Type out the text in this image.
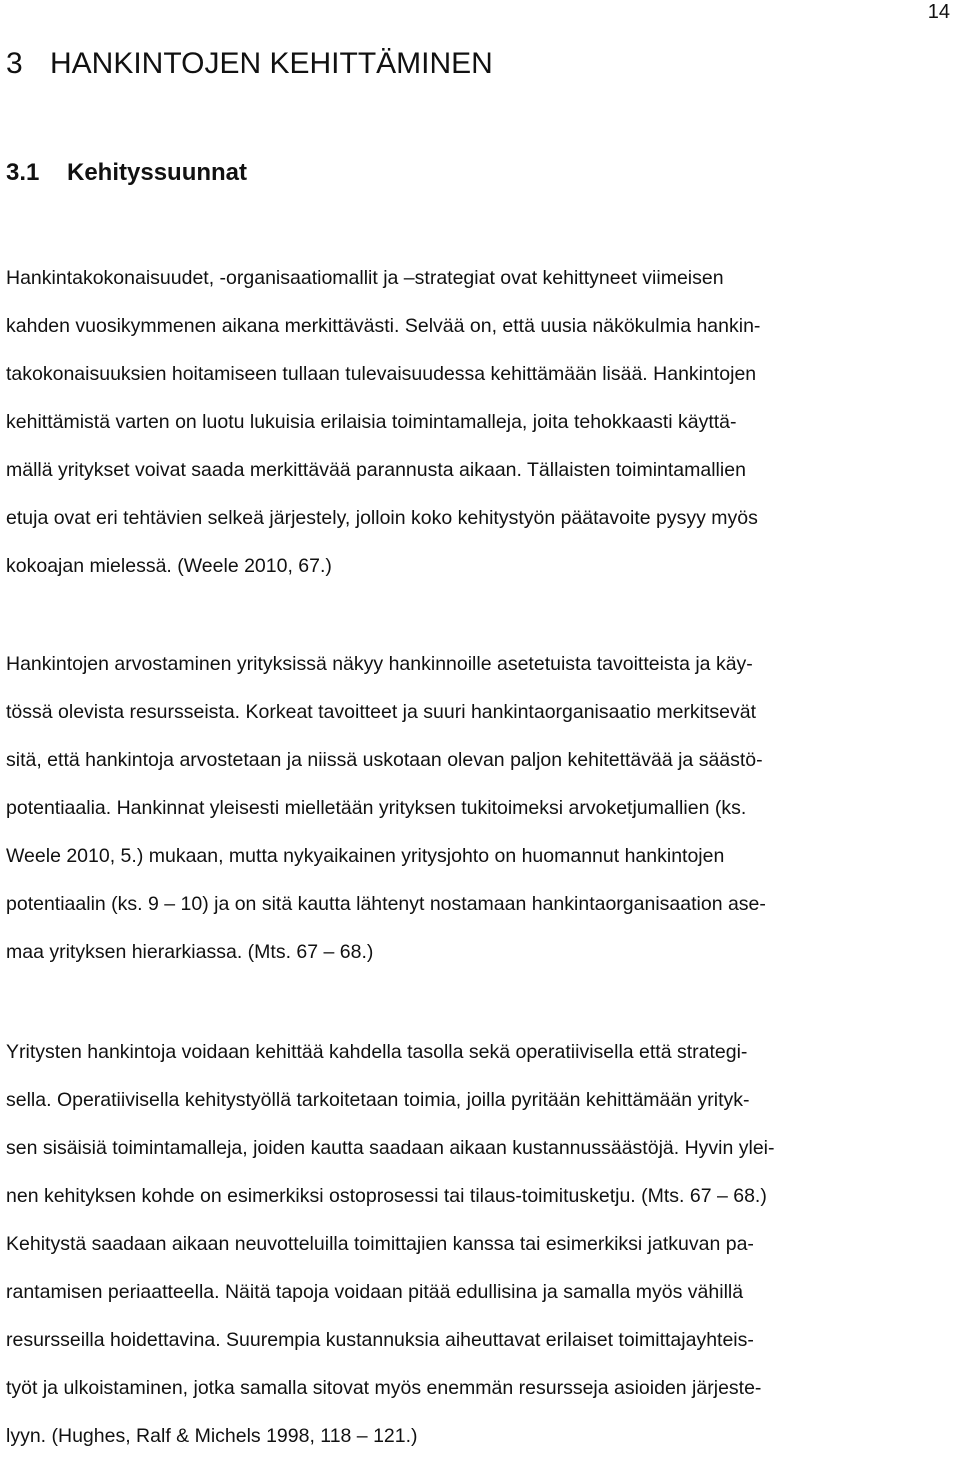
14
3 HANKINTOJEN KEHITTÄMINEN
3.1 Kehityssuunnat
Hankintakokonaisuudet, -organisaatiomallit ja –strategiat ovat kehittyneet viimeisen
kahden vuosikymmenen aikana merkittävästi. Selvää on, että uusia näkökulmia hankin-
takokonaisuuksien hoitamiseen tullaan tulevaisuudessa kehittämään lisää. Hankintojen
kehittämistä varten on luotu lukuisia erilaisia toimintamalleja, joita tehokkaasti käyttä-
mällä yritykset voivat saada merkittävää parannusta aikaan. Tällaisten toimintamallien
etuja ovat eri tehtävien selkeä järjestely, jolloin koko kehitystyön päätavoite pysyy myös
kokoajan mielessä. (Weele 2010, 67.)
Hankintojen arvostaminen yrityksissä näkyy hankinnoille asetetuista tavoitteista ja käy-
tössä olevista resursseista. Korkeat tavoitteet ja suuri hankintaorganisaatio merkitsevät
sitä, että hankintoja arvostetaan ja niissä uskotaan olevan paljon kehitettävää ja säästö-
potentiaalia. Hankinnat yleisesti mielletään yrityksen tukitoimeksi arvoketjumallien (ks.
Weele 2010, 5.) mukaan, mutta nykyaikainen yritysjohto on huomannut hankintojen
potentiaalin (ks. 9 – 10) ja on sitä kautta lähtenyt nostamaan hankintaorganisaation ase-
maa yrityksen hierarkiassa. (Mts. 67 – 68.)
Yritysten hankintoja voidaan kehittää kahdella tasolla sekä operatiivisella että strategi-
sella. Operatiivisella kehitystyöllä tarkoitetaan toimia, joilla pyritään kehittämään yrityk-
sen sisäisiä toimintamalleja, joiden kautta saadaan aikaan kustannussäästöjä. Hyvin ylei-
nen kehityksen kohde on esimerkiksi ostoprosessi tai tilaus-toimitusketju. (Mts. 67 – 68.)
Kehitystä saadaan aikaan neuvotteluilla toimittajien kanssa tai esimerkiksi jatkuvan pa-
rantamisen periaatteella. Näitä tapoja voidaan pitää edullisina ja samalla myös vähillä
resursseilla hoidettavina. Suurempia kustannuksia aiheuttavat erilaiset toimittajayhteis-
työt ja ulkoistaminen, jotka samalla sitovat myös enemmän resursseja asioiden järjeste-
lyyn. (Hughes, Ralf & Michels 1998, 118 – 121.)
